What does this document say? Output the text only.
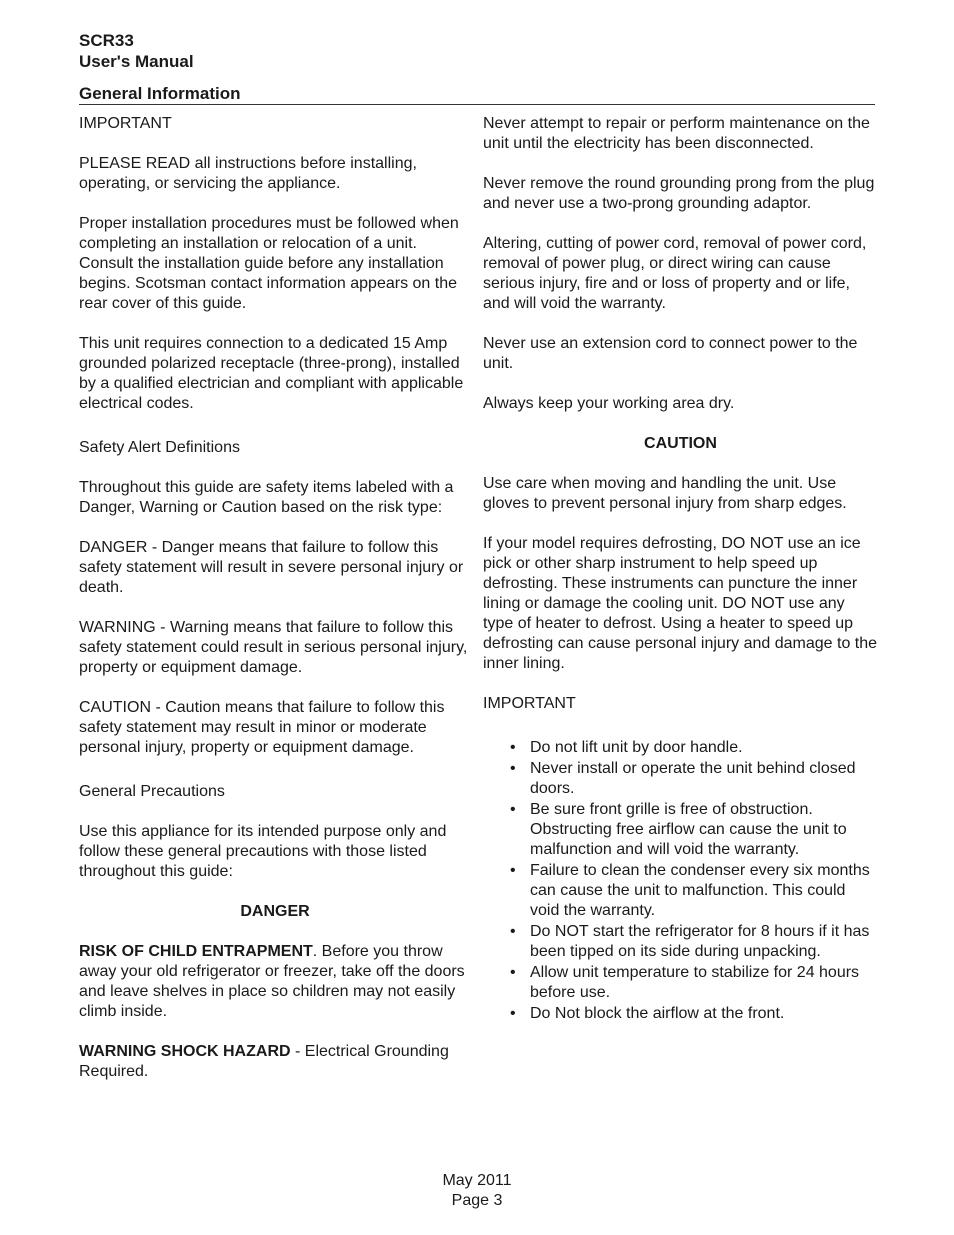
SCR33
User's Manual
General Information

IMPORTANT

PLEASE READ all instructions before installing, operating, or servicing the appliance.

Proper installation procedures must be followed when completing an installation or relocation of a unit. Consult the installation guide before any installation begins. Scotsman contact information appears on the rear cover of this guide.

This unit requires connection to a dedicated 15 Amp grounded polarized receptacle (three-prong), installed by a qualified electrician and compliant with applicable electrical codes.

Safety Alert Definitions

Throughout this guide are safety items labeled with a Danger, Warning or Caution based on the risk type:

DANGER - Danger means that failure to follow this safety statement will result in severe personal injury or death.

WARNING - Warning means that failure to follow this safety statement could result in serious personal injury, property or equipment damage.

CAUTION - Caution means that failure to follow this safety statement may result in minor or moderate personal injury, property or equipment damage.

General Precautions

Use this appliance for its intended purpose only and follow these general precautions with those listed throughout this guide:

DANGER

RISK OF CHILD ENTRAPMENT. Before you throw away your old refrigerator or freezer, take off the doors and leave shelves in place so children may not easily climb inside.

WARNING SHOCK HAZARD - Electrical Grounding Required.

Never attempt to repair or perform maintenance on the unit until the electricity has been disconnected.

Never remove the round grounding prong from the plug and never use a two-prong grounding adaptor.

Altering, cutting of power cord, removal of power cord, removal of power plug, or direct wiring can cause serious injury, fire and or loss of property and or life, and will void the warranty.

Never use an extension cord to connect power to the unit.

Always keep your working area dry.

CAUTION

Use care when moving and handling the unit. Use gloves to prevent personal injury from sharp edges.

If your model requires defrosting, DO NOT use an ice pick or other sharp instrument to help speed up defrosting. These instruments can puncture the inner lining or damage the cooling unit. DO NOT use any type of heater to defrost. Using a heater to speed up defrosting can cause personal injury and damage to the inner lining.

IMPORTANT

• Do not lift unit by door handle.
• Never install or operate the unit behind closed doors.
• Be sure front grille is free of obstruction. Obstructing free airflow can cause the unit to malfunction and will void the warranty.
• Failure to clean the condenser every six months can cause the unit to malfunction. This could void the warranty.
• Do NOT start the refrigerator for 8 hours if it has been tipped on its side during unpacking.
• Allow unit temperature to stabilize for 24 hours before use.
• Do Not block the airflow at the front.
May 2011
Page 3
